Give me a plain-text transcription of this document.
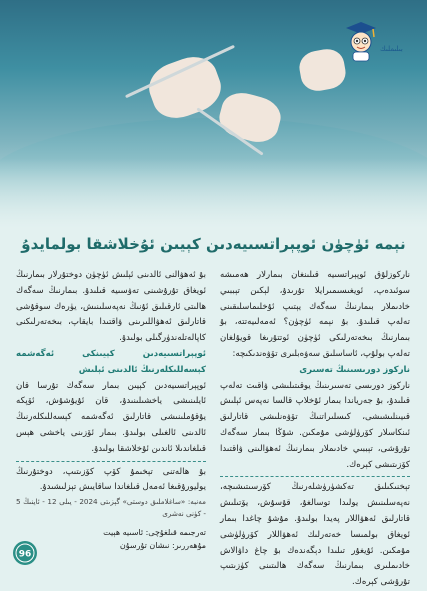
بىلىملىك
نېمە ئۈچۈن ئوپېراتسىيەدىن كېيىن ئۇخلاشقا بولمايدۇ

ناركوزلۇق ئوپېراتسىيە قىلىنغان بىمارلار ھەمىشە سوئىدەپ، ئويغىسىمىرايلا تۇرىدۇ، لېكىن تېببىي خادىملار بىمارنىڭ سەگەك يېتىپ ئۇخلىماسلىقىنى تەلەپ قىلىدۇ. بۇ نېمە ئۈچۈن؟ ئەمەلىيەتتە، بۇ بىمارنىڭ بىخەتەرلىكى ئۈچۈن ئوتتۇرىغا قويۇلغان تەلەپ بولۇپ، ئاساسلىق سەۋەبلىرى تۆۋەندىكىچە:

ناركوز دورىسىنىڭ تەسىرى

ناركوز دورىسى تەسىرىنىڭ يوقىتىلىشى ۋاقىت تەلەپ قىلىدۇ، بۇ جەرياندا بىمار ئۇخلاپ قالسا نەپەس ئېلىش قىيىنلىشىشى، كىسلىراتنىڭ تۆۋەنلىشى قاتارلىق ئىنكاسلار كۆرۈلۈشى مۇمكىن. شۇڭا بىمار سەگەك تۇرۇشى، تېببىي خادىملار بىمارنىڭ ئەھۋالىنى ۋاقتىدا كۆزىتىشى كېرەك.

تېخنىكىلىق تەكشۈرۈشلەرنىڭ كۆرسىتىشىچە، نەپەسلىنىش يولىدا توسالغۇ، قۇسۇش، يۆتىلىش قاتارلىق ئەھۋاللار پەيدا بولىدۇ. مۇشۇ چاغدا بىمار ئويغاق بولمىسا خەتەرلىك ئەھۋاللار كۆرۈلۈشى مۇمكىن. ئۇيغۇر تىلىدا دېگەندەك بۇ چاغ داۋالاش خادىملىرى بىمارنىڭ سەگەك ھالىتىنى كۈزىتىپ تۇرۇشى كېرەك.

بۇ ئەھۋالنى ئالدىنى ئېلىش ئۈچۈن دوختۇرلار بىمارنىڭ ئويغاق تۇرۇشىنى تەۋسىيە قىلىدۇ. بىمارنىڭ سەگەك ھالىتى ئارقىلىق ئۇنىڭ نەپەسلىنىش، يۈرەك سوقۇشى قاتارلىق ئەھۋاللىرىنى ۋاقتىدا بايقاپ، بىخەتەرلىكنى كاپالەتلەندۈرگىلى بولىدۇ.

ئوپېراتسىيەدىن كېيىنكى ئەگەشمە كېسەللىكلەرنىڭ ئالدىنى ئېلىش

ئوپېراتسىيەدىن كېيىن بىمار سەگەك تۇرسا قان ئايلىنىشى ياخشىلىنىدۇ، قان ئۇيۇشۇش، ئۆپكە يۇقۇملىنىشى قاتارلىق ئەگەشمە كېسەللىكلەرنىڭ ئالدىنى ئالغىلى بولىدۇ. بىمار ئۆزىنى ياخشى ھېس قىلغاندىلا ئاندىن ئۇخلاشقا بولىدۇ.

بۇ ھالەتنى تېخىمۇ كۆپ كۆزىتىپ، دوختۇرنىڭ يوليورۇقىغا ئەمەل قىلغاندا ساقايىش تېزلىشىدۇ.

مەنبە: «ساغلاملىق دوستى» گېزىتى 2024 - يىلى 12 - ئاينىڭ 5 - كۈنى نەشرى

تەرجىمە قىلغۇچى: ئاسىيە ھېيت

مۇھەررىر: نىشان تۇرسۇن

96
